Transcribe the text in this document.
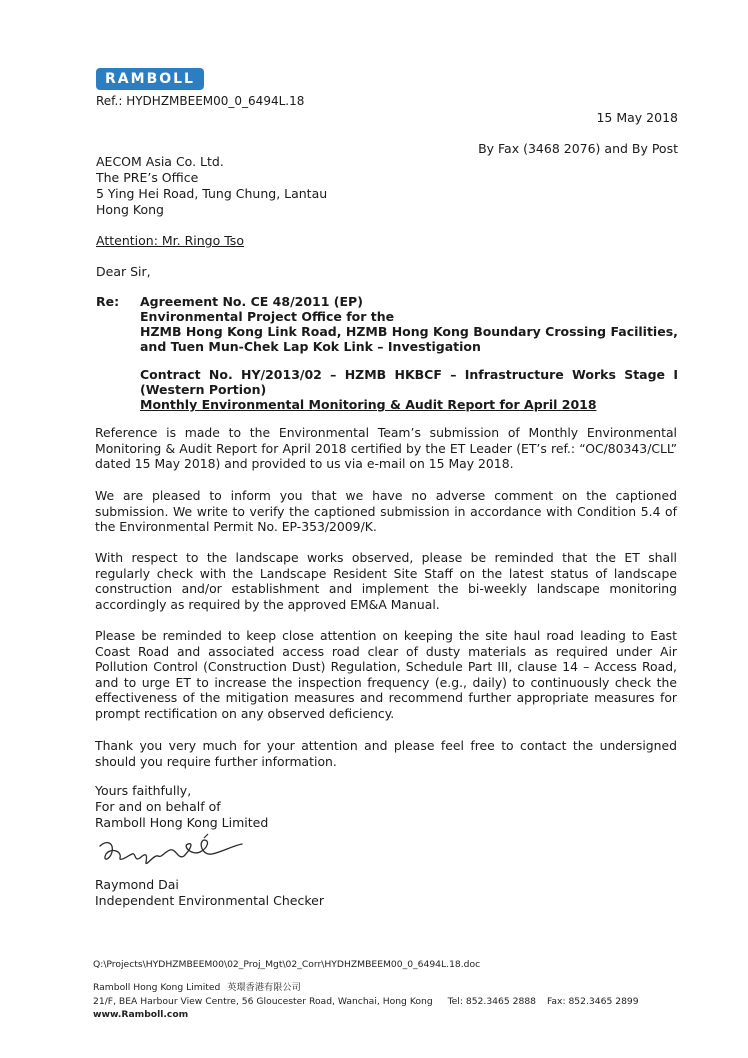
RAMBOLL
Ref.: HYDHZMBEEM00_0_6494L.18
15 May 2018
By Fax (3468 2076) and By Post
AECOM Asia Co. Ltd.
The PRE’s Office
5 Ying Hei Road, Tung Chung, Lantau
Hong Kong
Attention: Mr. Ringo Tso
Dear Sir,
Re: Agreement No. CE 48/2011 (EP)
Environmental Project Office for the
HZMB Hong Kong Link Road, HZMB Hong Kong Boundary Crossing Facilities,
and Tuen Mun-Chek Lap Kok Link – Investigation
Contract No. HY/2013/02 – HZMB HKBCF – Infrastructure Works Stage I
(Western Portion)
Monthly Environmental Monitoring & Audit Report for April 2018
Reference is made to the Environmental Team’s submission of Monthly Environmental Monitoring & Audit Report for April 2018 certified by the ET Leader (ET’s ref.: “OC/80343/CLL” dated 15 May 2018) and provided to us via e-mail on 15 May 2018.
We are pleased to inform you that we have no adverse comment on the captioned submission. We write to verify the captioned submission in accordance with Condition 5.4 of the Environmental Permit No. EP-353/2009/K.
With respect to the landscape works observed, please be reminded that the ET shall regularly check with the Landscape Resident Site Staff on the latest status of landscape construction and/or establishment and implement the bi-weekly landscape monitoring accordingly as required by the approved EM&A Manual.
Please be reminded to keep close attention on keeping the site haul road leading to East Coast Road and associated access road clear of dusty materials as required under Air Pollution Control (Construction Dust) Regulation, Schedule Part III, clause 14 – Access Road, and to urge ET to increase the inspection frequency (e.g., daily) to continuously check the effectiveness of the mitigation measures and recommend further appropriate measures for prompt rectification on any observed deficiency.
Thank you very much for your attention and please feel free to contact the undersigned should you require further information.
Yours faithfully,
For and on behalf of
Ramboll Hong Kong Limited
Raymond Dai
Independent Environmental Checker
Q:\Projects\HYDHZMBEEM00\02_Proj_Mgt\02_Corr\HYDHZMBEEM00_0_6494L.18.doc
Ramboll Hong Kong Limited 英環香港有限公司
21/F, BEA Harbour View Centre, 56 Gloucester Road, Wanchai, Hong Kong Tel: 852.3465 2888 Fax: 852.3465 2899
www.Ramboll.com
